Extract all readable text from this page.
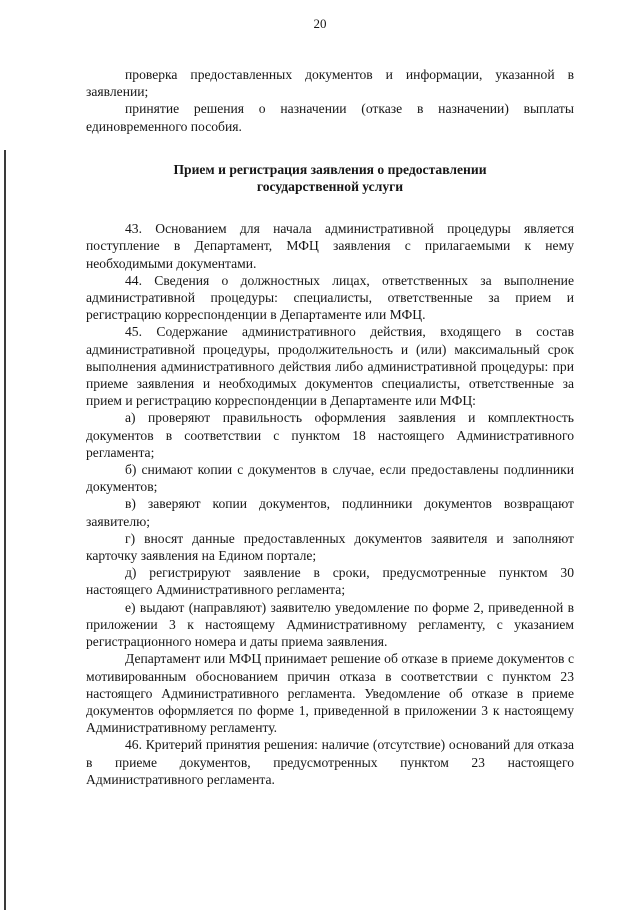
20

проверка предоставленных документов и информации, указанной в заявлении;

принятие решения о назначении (отказе в назначении) выплаты единовременного пособия.

Прием и регистрация заявления о предоставлении
государственной услуги

43. Основанием для начала административной процедуры является поступление в Департамент, МФЦ заявления с прилагаемыми к нему необходимыми документами.

44. Сведения о должностных лицах, ответственных за выполнение административной процедуры: специалисты, ответственные за прием и регистрацию корреспонденции в Департаменте или МФЦ.

45. Содержание административного действия, входящего в состав административной процедуры, продолжительность и (или) максимальный срок выполнения административного действия либо административной процедуры: при приеме заявления и необходимых документов специалисты, ответственные за прием и регистрацию корреспонденции в Департаменте или МФЦ:

а) проверяют правильность оформления заявления и комплектность документов в соответствии с пунктом 18 настоящего Административного регламента;

б) снимают копии с документов в случае, если предоставлены подлинники документов;

в) заверяют копии документов, подлинники документов возвращают заявителю;

г) вносят данные предоставленных документов заявителя и заполняют карточку заявления на Едином портале;

д) регистрируют заявление в сроки, предусмотренные пунктом 30 настоящего Административного регламента;

е) выдают (направляют) заявителю уведомление по форме 2, приведенной в приложении 3 к настоящему Административному регламенту, с указанием регистрационного номера и даты приема заявления.

Департамент или МФЦ принимает решение об отказе в приеме документов с мотивированным обоснованием причин отказа в соответствии с пунктом 23 настоящего Административного регламента. Уведомление об отказе в приеме документов оформляется по форме 1, приведенной в приложении 3 к настоящему Административному регламенту.

46. Критерий принятия решения: наличие (отсутствие) оснований для отказа в приеме документов, предусмотренных пунктом 23 настоящего Административного регламента.
